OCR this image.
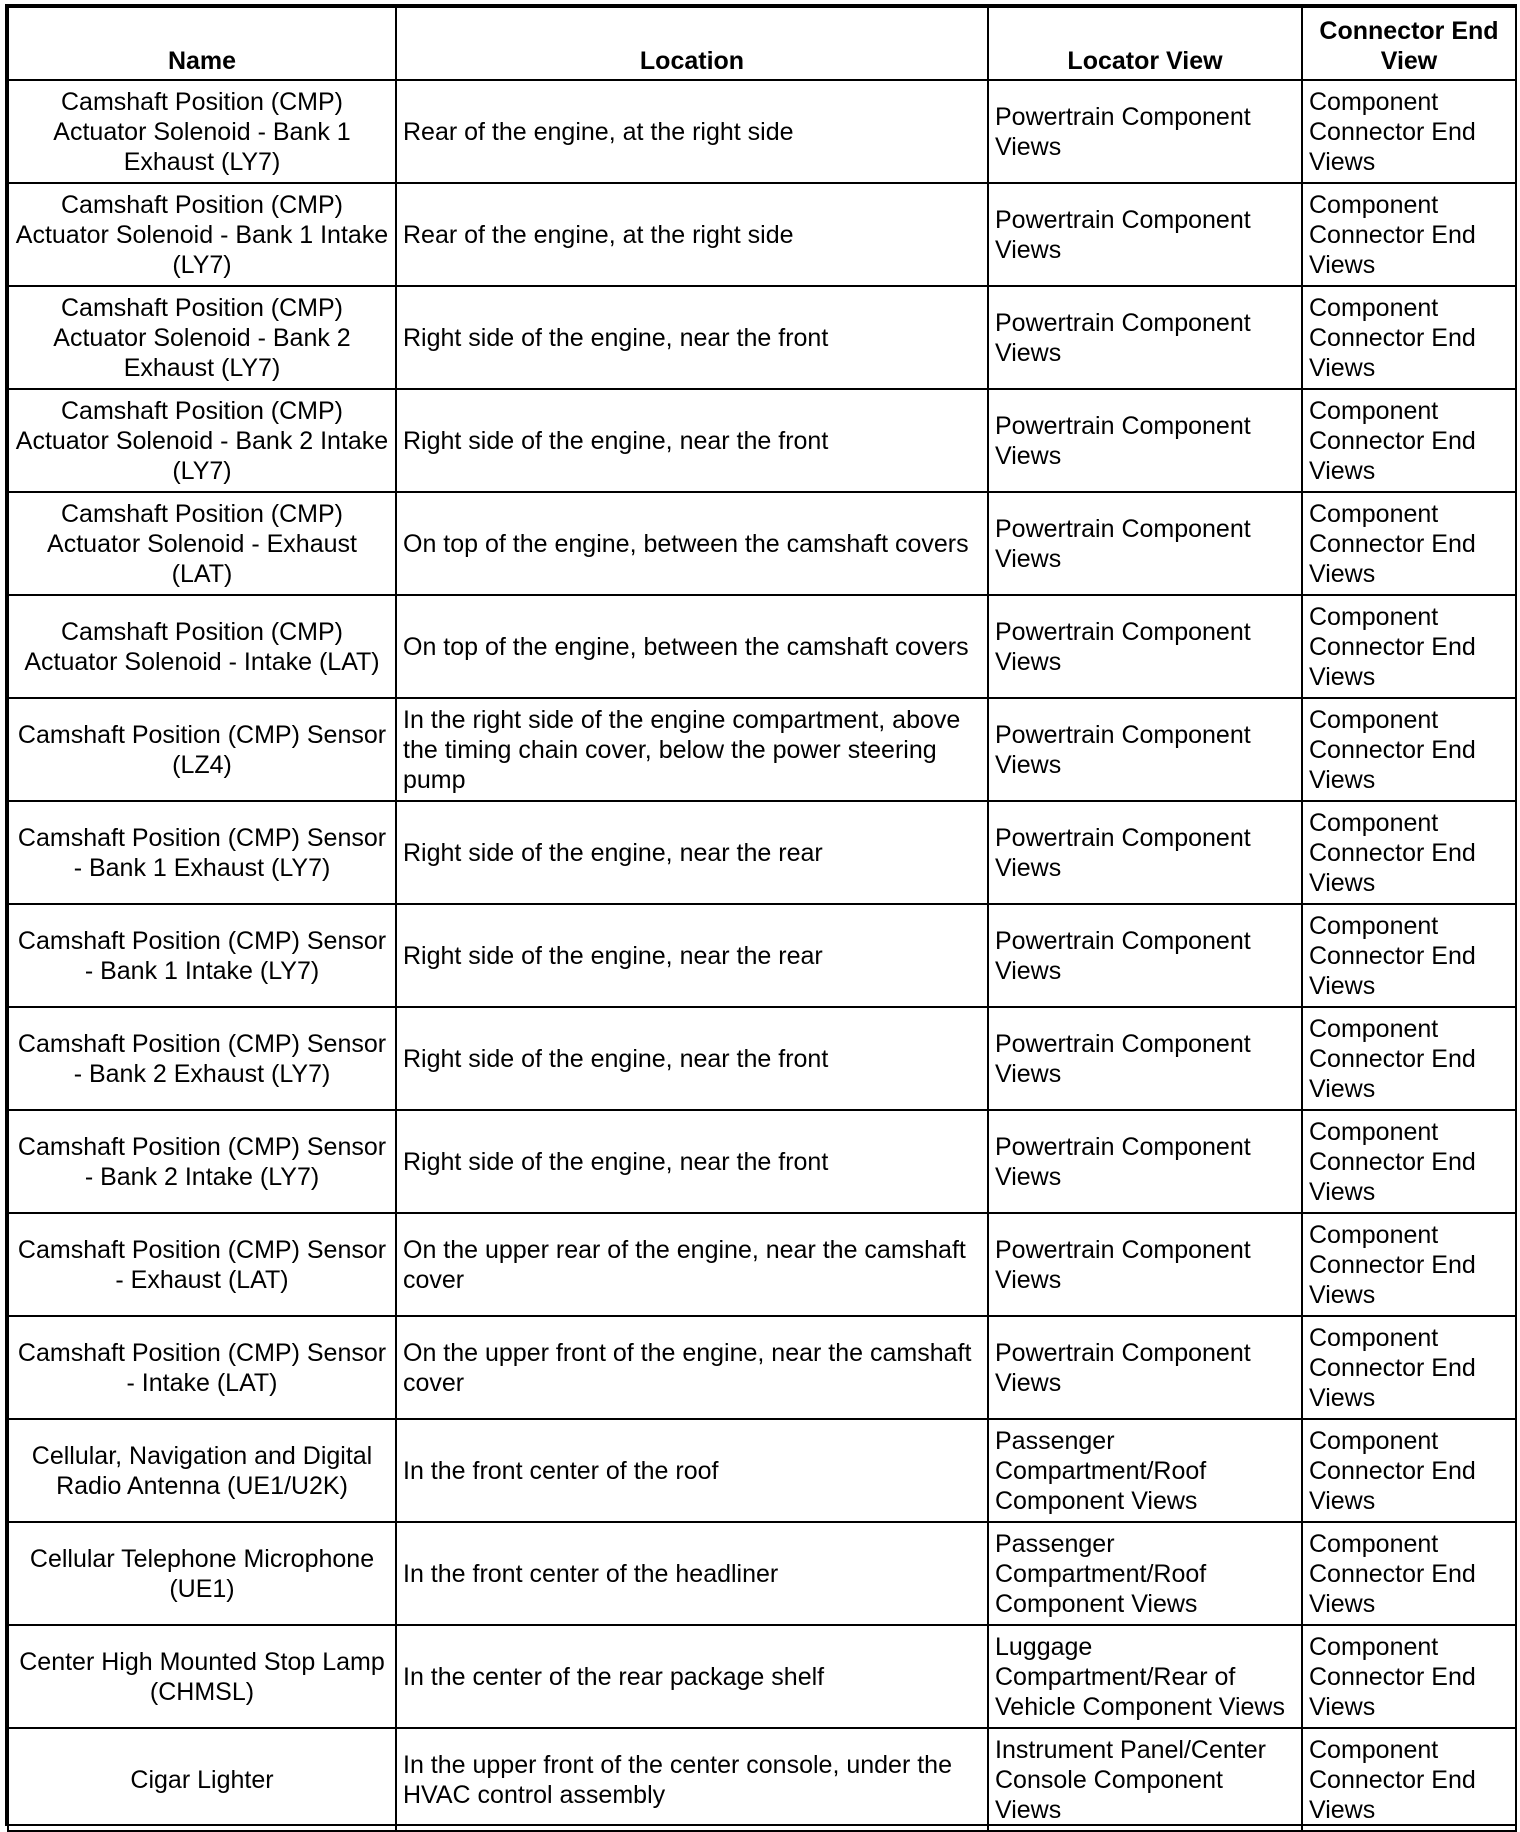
Name	Location	Locator View	Connector End View
Camshaft Position (CMP) Actuator Solenoid - Bank 1 Exhaust (LY7)	Rear of the engine, at the right side	Powertrain Component Views	Component Connector End Views
Camshaft Position (CMP) Actuator Solenoid - Bank 1 Intake (LY7)	Rear of the engine, at the right side	Powertrain Component Views	Component Connector End Views
Camshaft Position (CMP) Actuator Solenoid - Bank 2 Exhaust (LY7)	Right side of the engine, near the front	Powertrain Component Views	Component Connector End Views
Camshaft Position (CMP) Actuator Solenoid - Bank 2 Intake (LY7)	Right side of the engine, near the front	Powertrain Component Views	Component Connector End Views
Camshaft Position (CMP) Actuator Solenoid - Exhaust (LAT)	On top of the engine, between the camshaft covers	Powertrain Component Views	Component Connector End Views
Camshaft Position (CMP) Actuator Solenoid - Intake (LAT)	On top of the engine, between the camshaft covers	Powertrain Component Views	Component Connector End Views
Camshaft Position (CMP) Sensor (LZ4)	In the right side of the engine compartment, above the timing chain cover, below the power steering pump	Powertrain Component Views	Component Connector End Views
Camshaft Position (CMP) Sensor - Bank 1 Exhaust (LY7)	Right side of the engine, near the rear	Powertrain Component Views	Component Connector End Views
Camshaft Position (CMP) Sensor - Bank 1 Intake (LY7)	Right side of the engine, near the rear	Powertrain Component Views	Component Connector End Views
Camshaft Position (CMP) Sensor - Bank 2 Exhaust (LY7)	Right side of the engine, near the front	Powertrain Component Views	Component Connector End Views
Camshaft Position (CMP) Sensor - Bank 2 Intake (LY7)	Right side of the engine, near the front	Powertrain Component Views	Component Connector End Views
Camshaft Position (CMP) Sensor - Exhaust (LAT)	On the upper rear of the engine, near the camshaft cover	Powertrain Component Views	Component Connector End Views
Camshaft Position (CMP) Sensor - Intake (LAT)	On the upper front of the engine, near the camshaft cover	Powertrain Component Views	Component Connector End Views
Cellular, Navigation and Digital Radio Antenna (UE1/U2K)	In the front center of the roof	Passenger Compartment/Roof Component Views	Component Connector End Views
Cellular Telephone Microphone (UE1)	In the front center of the headliner	Passenger Compartment/Roof Component Views	Component Connector End Views
Center High Mounted Stop Lamp (CHMSL)	In the center of the rear package shelf	Luggage Compartment/Rear of Vehicle Component Views	Component Connector End Views
Cigar Lighter	In the upper front of the center console, under the HVAC control assembly	Instrument Panel/Center Console Component Views	Component Connector End Views
